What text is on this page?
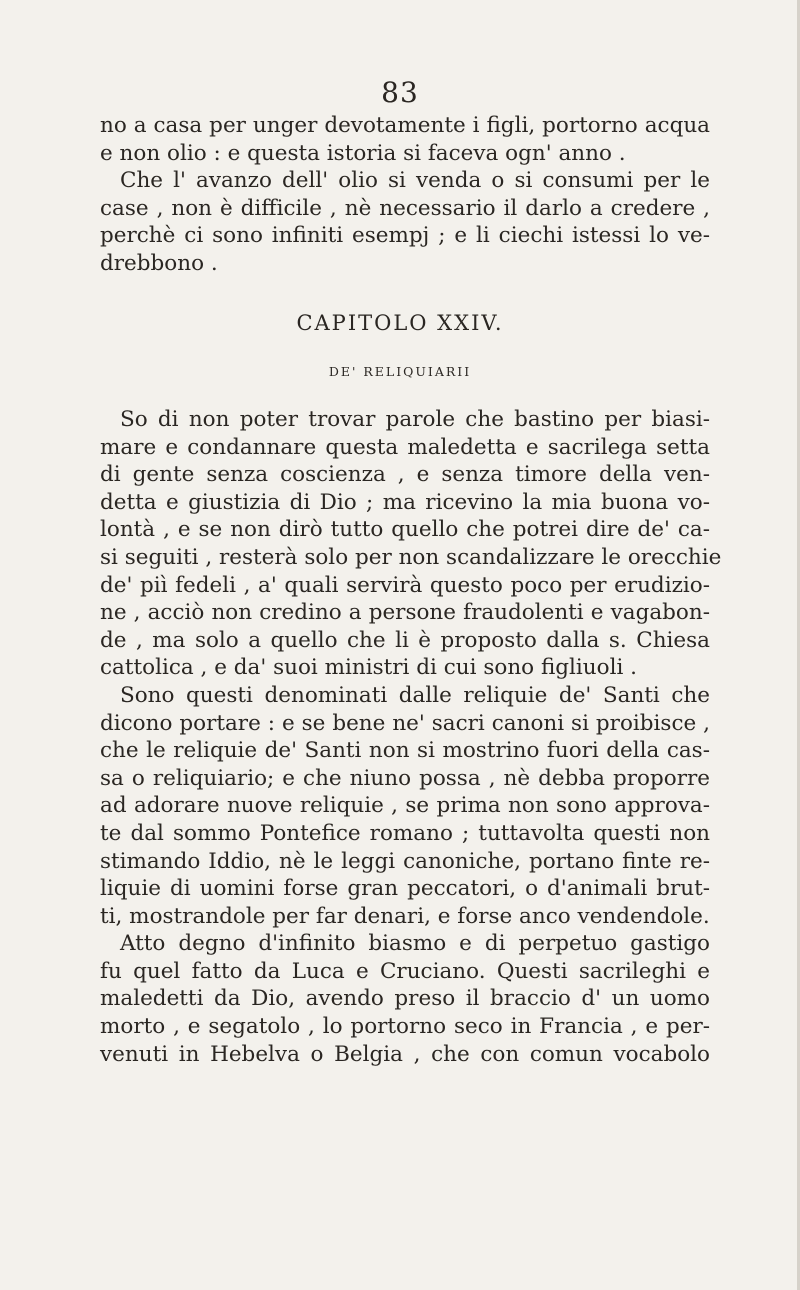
83
no a casa per unger devotamente i figli, portorno acqua
e non olio : e questa istoria si faceva ogn' anno .
Che l' avanzo dell' olio si venda o si consumi per le
case , non è difficile , nè necessario il darlo a credere ,
perchè ci sono infiniti esempj ; e li ciechi istessi lo ve-
drebbono .
CAPITOLO XXIV.
DE' RELIQUIARII
So di non poter trovar parole che bastino per biasi-
mare e condannare questa maledetta e sacrilega setta
di gente senza coscienza , e senza timore della ven-
detta e giustizia di Dio ; ma ricevino la mia buona vo-
lontà , e se non dirò tutto quello che potrei dire de' ca-
si seguiti , resterà solo per non scandalizzare le orecchie
de' piì fedeli , a' quali servirà questo poco per erudizio-
ne , acciò non credino a persone fraudolenti e vagabon-
de , ma solo a quello che li è proposto dalla s. Chiesa
cattolica , e da' suoi ministri di cui sono figliuoli .
Sono questi denominati dalle reliquie de' Santi che
dicono portare : e se bene ne' sacri canoni si proibisce ,
che le reliquie de' Santi non si mostrino fuori della cas-
sa o reliquiario; e che niuno possa , nè debba proporre
ad adorare nuove reliquie , se prima non sono approva-
te dal sommo Pontefice romano ; tuttavolta questi non
stimando Iddio, nè le leggi canoniche, portano finte re-
liquie di uomini forse gran peccatori, o d'animali brut-
ti, mostrandole per far denari, e forse anco vendendole.
Atto degno d'infinito biasmo e di perpetuo gastigo
fu quel fatto da Luca e Cruciano. Questi sacrileghi e
maledetti da Dio, avendo preso il braccio d' un uomo
morto , e segatolo , lo portorno seco in Francia , e per-
venuti in Hebelva o Belgia , che con comun vocabolo
